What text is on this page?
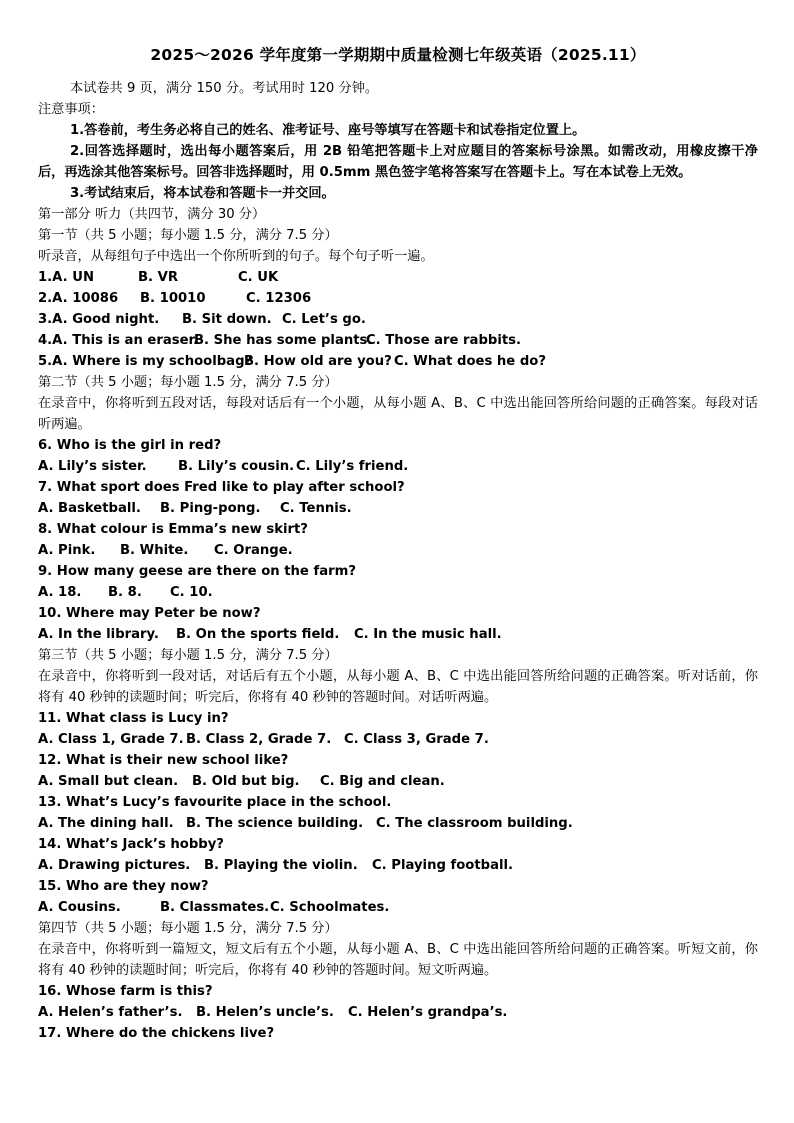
2025～2026 学年度第一学期期中质量检测七年级英语（2025.11）
本试卷共 9 页，满分 150 分。考试用时 120 分钟。
注意事项：
1.答卷前，考生务必将自己的姓名、准考证号、座号等填写在答题卡和试卷指定位置上。
2.回答选择题时，选出每小题答案后，用 2B 铅笔把答题卡上对应题目的答案标号涂黑。如需改动，用橡皮擦干净后，再选涂其他答案标号。回答非选择题时，用 0.5mm 黑色签字笔将答案写在答题卡上。写在本试卷上无效。
3.考试结束后，将本试卷和答题卡一并交回。
第一部分 听力（共四节，满分 30 分）
第一节（共 5 小题；每小题 1.5 分，满分 7.5 分）
听录音，从每组句子中选出一个你所听到的句子。每个句子听一遍。
1.A. UN	B. VR	C. UK
2.A. 10086 B. 10010	C. 12306
3.A. Good night. B. Sit down. C. Let’s go.
4.A. This is an eraser.B. She has some plants.C. Those are rabbits.
5.A. Where is my schoolbag?B. How old are you? C. What does he do?
第二节（共 5 小题；每小题 1.5 分，满分 7.5 分）
在录音中，你将听到五段对话，每段对话后有一个小题，从每小题 A、B、C 中选出能回答所给问题的正确答案。每段对话听两遍。
6. Who is the girl in red?
A. Lily’s sister. B. Lily’s cousin. C. Lily’s friend.
7. What sport does Fred like to play after school?
A. Basketball. B. Ping-pong. C. Tennis.
8. What colour is Emma’s new skirt?
A. Pink. B. White. C. Orange.
9. How many geese are there on the farm?
A. 18. B. 8. C. 10.
10. Where may Peter be now?
A. In the library. B. On the sports field. C. In the music hall.
第三节（共 5 小题；每小题 1.5 分，满分 7.5 分）
在录音中，你将听到一段对话，对话后有五个小题，从每小题 A、B、C 中选出能回答所给问题的正确答案。听对话前，你将有 40 秒钟的读题时间；听完后，你将有 40 秒钟的答题时间。对话听两遍。
11. What class is Lucy in?
A. Class 1, Grade 7. B. Class 2, Grade 7. C. Class 3, Grade 7.
12. What is their new school like?
A. Small but clean. B. Old but big. C. Big and clean.
13. What’s Lucy’s favourite place in the school.
A. The dining hall. B. The science building. C. The classroom building.
14. What’s Jack’s hobby?
A. Drawing pictures. B. Playing the violin. C. Playing football.
15. Who are they now?
A. Cousins.	B. Classmates.C. Schoolmates.
第四节（共 5 小题；每小题 1.5 分，满分 7.5 分）
在录音中，你将听到一篇短文，短文后有五个小题，从每小题 A、B、C 中选出能回答所给问题的正确答案。听短文前，你将有 40 秒钟的读题时间；听完后，你将有 40 秒钟的答题时间。短文听两遍。
16. Whose farm is this?
A. Helen’s father’s. B. Helen’s uncle’s. C. Helen’s grandpa’s.
17. Where do the chickens live?
